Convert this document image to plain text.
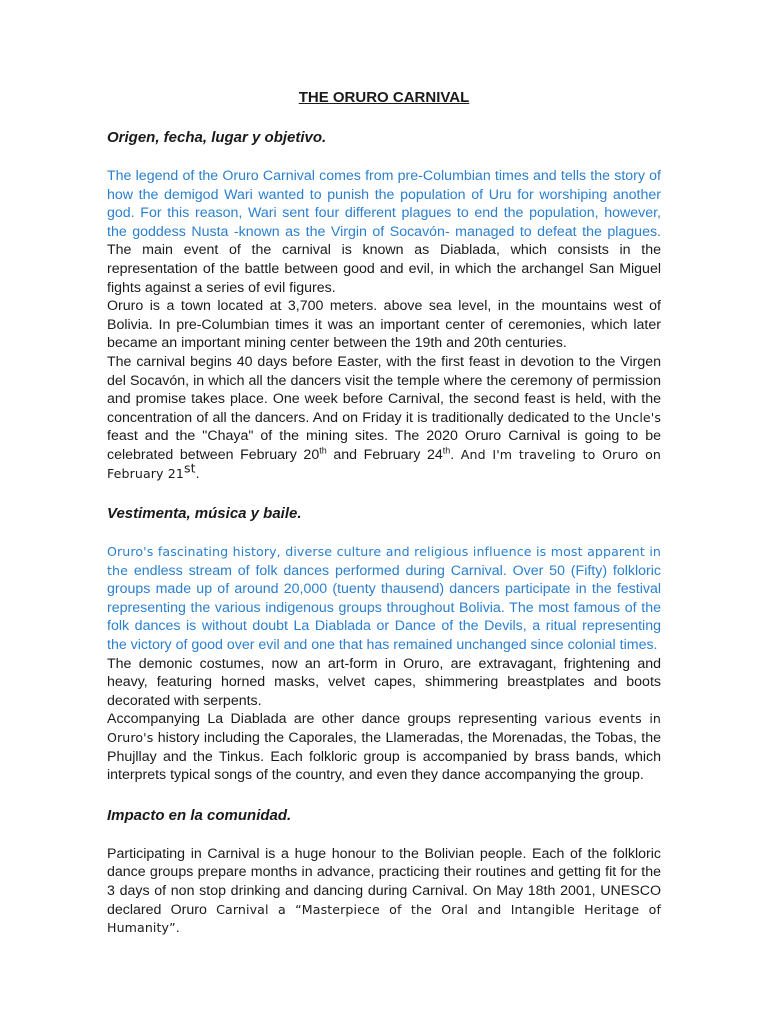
THE ORURO CARNIVAL
Origen, fecha, lugar y objetivo.

The legend of the Oruro Carnival comes from pre-Columbian times and tells the story of how the demigod Wari wanted to punish the population of Uru for worshiping another god. For this reason, Wari sent four different plagues to end the population, however, the goddess Nusta -known as the Virgin of Socavón- managed to defeat the plagues. The main event of the carnival is known as Diablada, which consists in the representation of the battle between good and evil, in which the archangel San Miguel fights against a series of evil figures.

Oruro is a town located at 3,700 meters. above sea level, in the mountains west of Bolivia. In pre-Columbian times it was an important center of ceremonies, which later became an important mining center between the 19th and 20th centuries.

The carnival begins 40 days before Easter, with the first feast in devotion to the Virgen del Socavón, in which all the dancers visit the temple where the ceremony of permission and promise takes place. One week before Carnival, the second feast is held, with the concentration of all the dancers. And on Friday it is traditionally dedicated to the Uncle's feast and the "Chaya" of the mining sites. The 2020 Oruro Carnival is going to be celebrated between February 20th and February 24th. And I'm traveling to Oruro on February 21st.

Vestimenta, música y baile.

Oruro's fascinating history, diverse culture and religious influence is most apparent in the endless stream of folk dances performed during Carnival. Over 50 (Fifty) folkloric groups made up of around 20,000 (tuenty thausend) dancers participate in the festival representing the various indigenous groups throughout Bolivia. The most famous of the folk dances is without doubt La Diablada or Dance of the Devils, a ritual representing the victory of good over evil and one that has remained unchanged since colonial times.

The demonic costumes, now an art-form in Oruro, are extravagant, frightening and heavy, featuring horned masks, velvet capes, shimmering breastplates and boots decorated with serpents.

Accompanying La Diablada are other dance groups representing various events in Oruro's history including the Caporales, the Llameradas, the Morenadas, the Tobas, the Phujllay and the Tinkus. Each folkloric group is accompanied by brass bands, which interprets typical songs of the country, and even they dance accompanying the group.

Impacto en la comunidad.

Participating in Carnival is a huge honour to the Bolivian people. Each of the folkloric dance groups prepare months in advance, practicing their routines and getting fit for the 3 days of non stop drinking and dancing during Carnival. On May 18th 2001, UNESCO declared Oruro Carnival a “Masterpiece of the Oral and Intangible Heritage of Humanity”.
